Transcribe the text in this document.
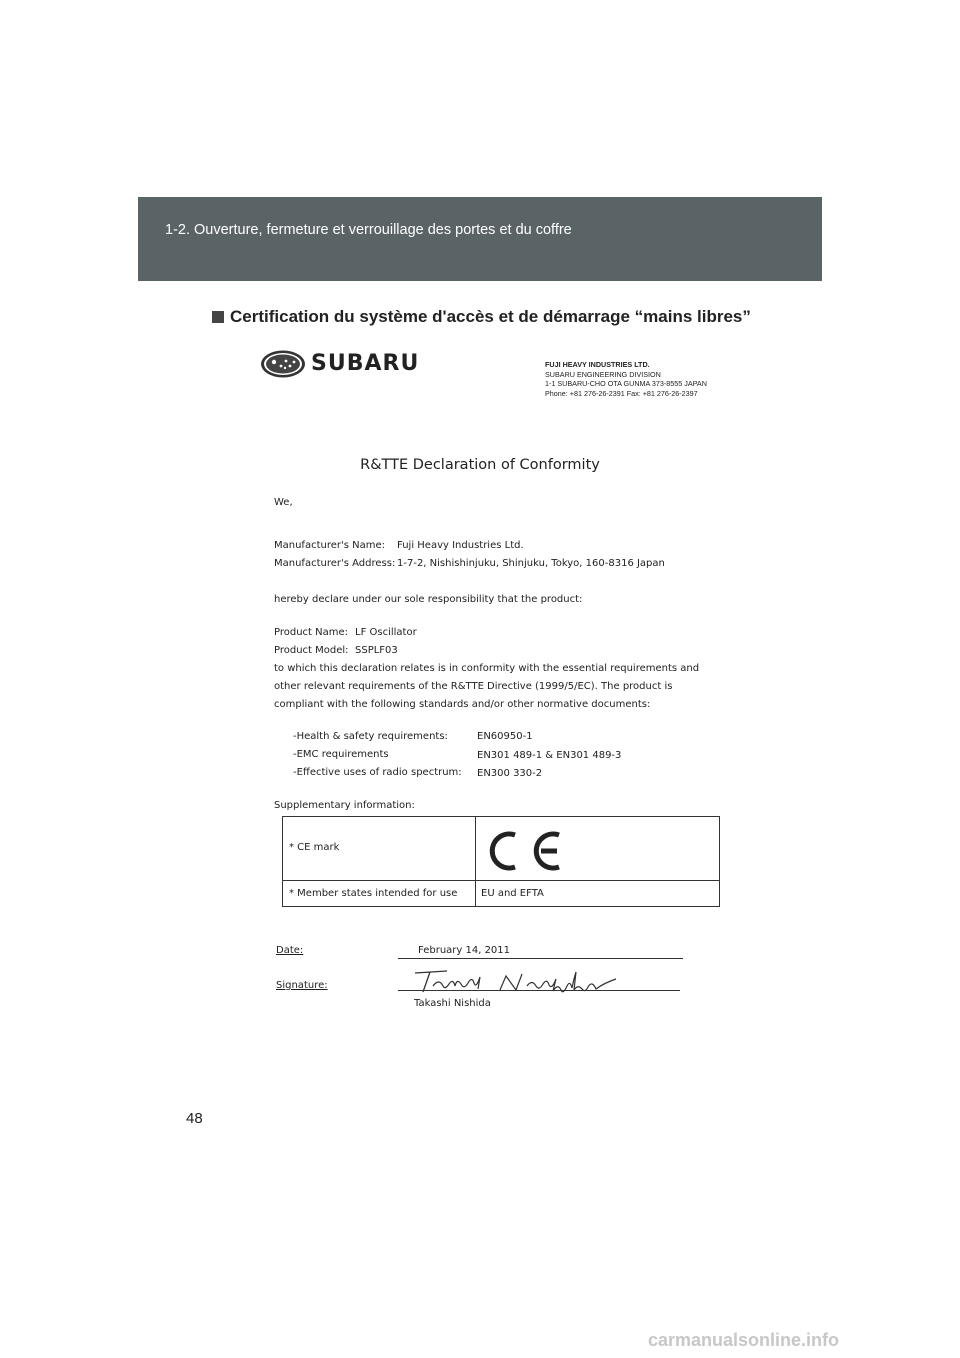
1-2. Ouverture, fermeture et verrouillage des portes et du coffre
Certification du système d'accès et de démarrage “mains libres”
SUBARU	FUJI HEAVY INDUSTRIES LTD.
SUBARU ENGINEERING DIVISION
1-1 SUBARU-CHO OTA GUNMA 373-8555 JAPAN
Phone: +81 276-26-2391 Fax: +81 276-26-2397
R&TTE Declaration of Conformity
We,
Manufacturer's Name: Fuji Heavy Industries Ltd.
Manufacturer's Address: 1-7-2, Nishishinjuku, Shinjuku, Tokyo, 160-8316 Japan
hereby declare under our sole responsibility that the product:
Product Name: LF Oscillator
Product Model: SSPLF03
to which this declaration relates is in conformity with the essential requirements and
other relevant requirements of the R&TTE Directive (1999/5/EC). The product is
compliant with the following standards and/or other normative documents:
-Health & safety requirements:	EN60950-1
-EMC requirements	EN301 489-1 & EN301 489-3
-Effective uses of radio spectrum: EN300 330-2
Supplementary information:
* CE mark
* Member states intended for use EU and EFTA
Date:	February 14, 2011
Signature:
Takashi Nishida
48
carmanualsonline.info
